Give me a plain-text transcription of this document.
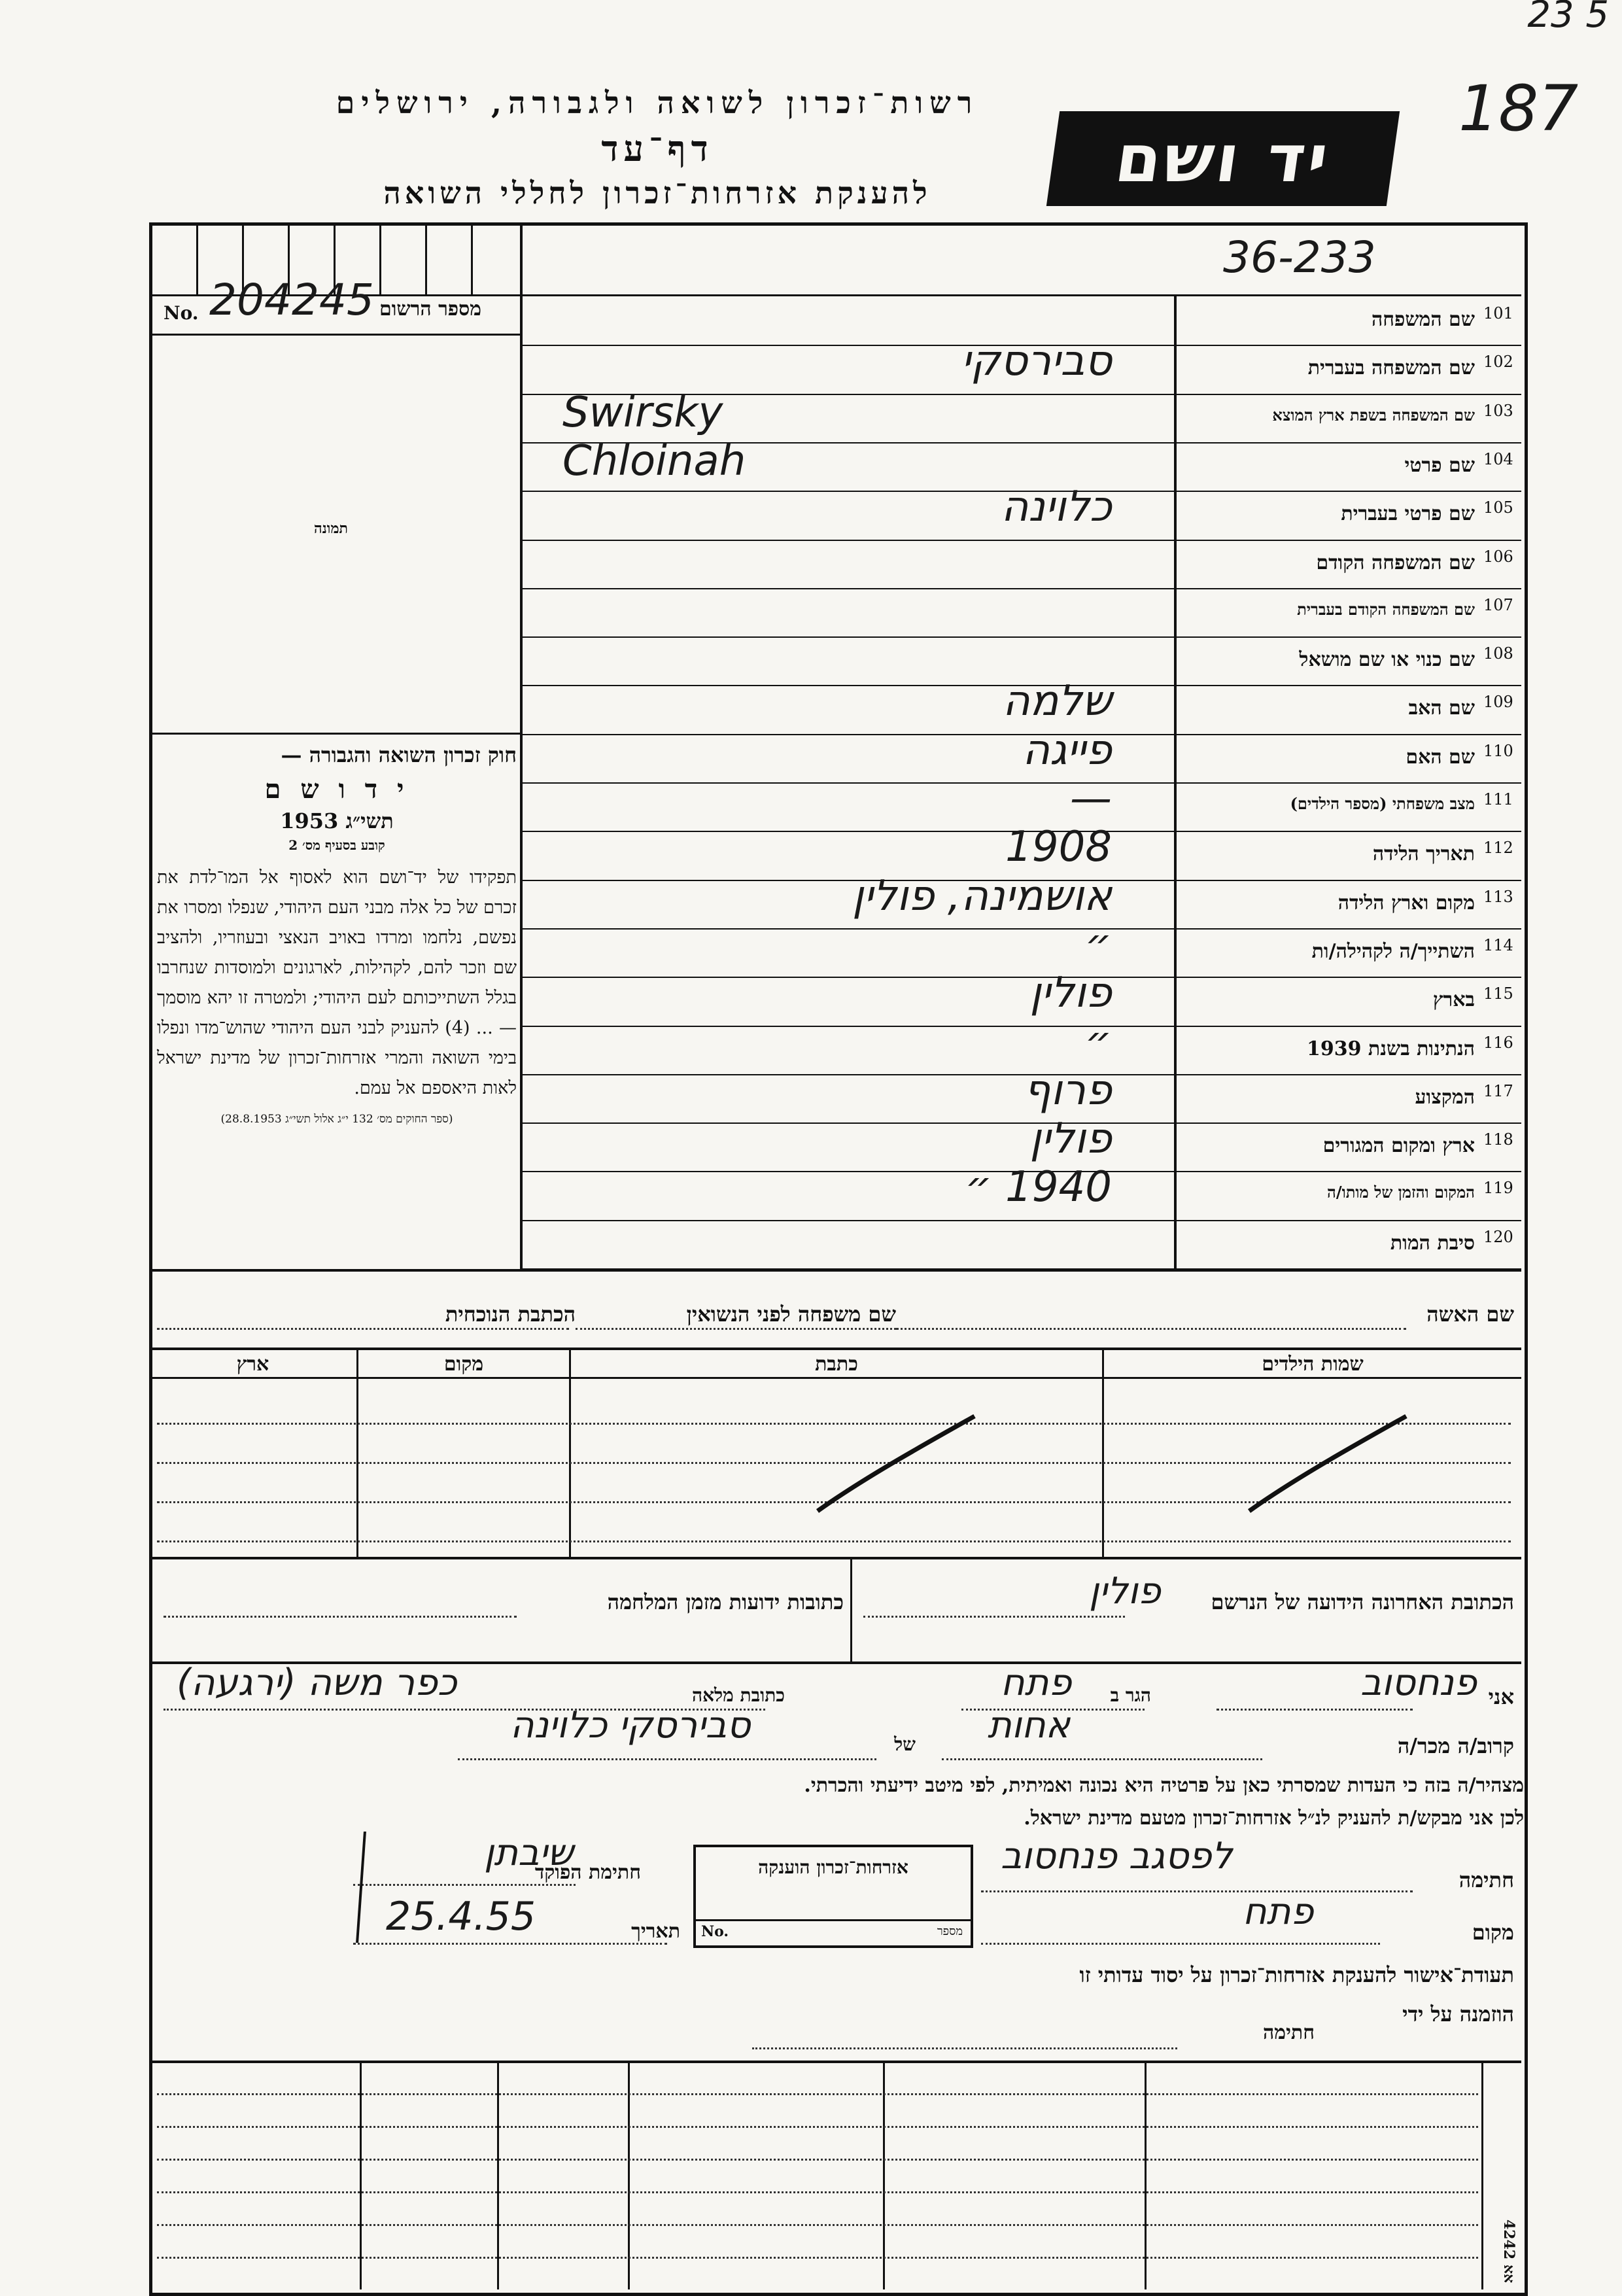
23 5
187
רשות־זכרון לשואה ולגבורה, ירושלים
דף־עד
להענקת אזרחות־זכרון לחללי השואה	יד ושם
36-233
מספר הרשום
No. 204245
תמונה
חוק זכרון השואה והגבורה —
י ד ו ש ם
תשי״ג 1953
קובע בסעיף מס׳ 2
תפקידו של יד־ושם הוא לאסוף אל המו־לדת את זכרם של כל אלה מבני העם היהודי, שנפלו ומסרו את נפשם, נלחמו ומרדו באויב הנאצי ובעוזריו, ולהציב שם וזכר להם, לקהילות, לארגונים ולמוסדות שנחרבו בגלל השתייכותם לעם היהודי; ולמטרה זו יהא מוסמך — ... (4) להעניק לבני העם היהודי שהוש־מדו ונפלו בימי השואה והמרי אזרחות־זכרון של מדינת ישראל לאות היאספם אל עמם.
(ספר החוקים מס׳ 132 י״ג אלול תשי״ג 28.8.1953)
101
שם המשפחה
102
שם המשפחה בעברית
סבירסקי
103
שם המשפחה בשפת ארץ המוצא
Swirsky
104
שם פרטי
Chloinah
105
שם פרטי בעברית
כלוינה
106
שם המשפחה הקודם
107
שם המשפחה הקודם בעברית
108
שם כנוי או שם מושאל
109
שם האב
שלמה
110
שם האם
פייגה
111
מצב משפחתי (מספר הילדים)
—
112
תאריך הלידה
1908
113
מקום וארץ הלידה
אושמינה, פולין
114
השתייך/ה לקהילה/ות
״
115
בארץ
פולין
116
הנתינות בשנת 1939
״
117
המקצוע
פרוף
118
ארץ ומקום המגורים
פולין
119
המקום והזמן של מותו/ה
1940 ״
120
סיבת המות
שם האשה
שם משפחה לפני הנשואין
הכתבת הנוכחית
שמות הילדים
כתבת
מקום
ארץ
הכתובת האחרונה הידועה של הנרשם
פולין
כתובות ידועות מזמן המלחמה
אני
פנחסוב
הגר ב
פתח
כתובת מלאה
כפר משה (ירגעה)
קרוב/ה מכר/ה
אחות
של
סבירסקי כלוינה
מצהיר/ה בזה כי העדות שמסרתי כאן על פרטיה היא נכונה ואמיתית, לפי מיטב ידיעתי והכרתי.
לכן אני מבקש/ת להעניק לנ״ל אזרחות־זכרון מטעם מדינת ישראל.
חתימה
לפסגב פנחסוב
מקום
פתח
אזרחות־זכרון הוענקה
No.	מספר
חתימת הפוקד
שיבתן
תאריך
25.4.55
תעודת־אישור להענקת אזרחות־זכרון על יסוד עדותי זו
הוזמנה על ידי
חתימה
אא 4242
